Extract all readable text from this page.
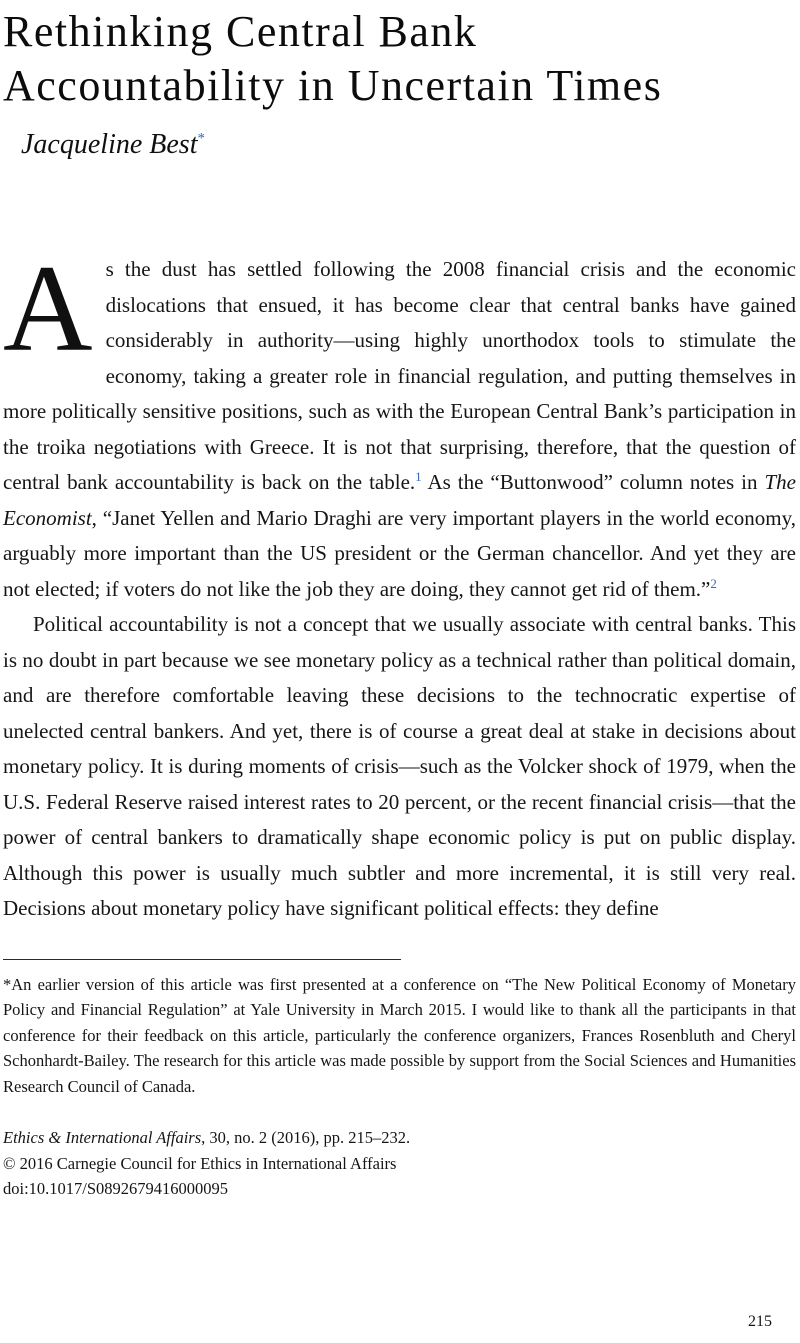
Rethinking Central Bank
Accountability in Uncertain Times
Jacqueline Best*

As the dust has settled following the 2008 financial crisis and the economic dislocations that ensued, it has become clear that central banks have gained considerably in authority—using highly unorthodox tools to stimulate the economy, taking a greater role in financial regulation, and putting themselves in more politically sensitive positions, such as with the European Central Bank’s participation in the troika negotiations with Greece. It is not that surprising, therefore, that the question of central bank accountability is back on the table.$^1$ As the “Buttonwood” column notes in The Economist, “Janet Yellen and Mario Draghi are very important players in the world economy, arguably more important than the US president or the German chancellor. And yet they are not elected; if voters do not like the job they are doing, they cannot get rid of them.”$^2$

Political accountability is not a concept that we usually associate with central banks. This is no doubt in part because we see monetary policy as a technical rather than political domain, and are therefore comfortable leaving these decisions to the technocratic expertise of unelected central bankers. And yet, there is of course a great deal at stake in decisions about monetary policy. It is during moments of crisis—such as the Volcker shock of 1979, when the U.S. Federal Reserve raised interest rates to 20 percent, or the recent financial crisis—that the power of central bankers to dramatically shape economic policy is put on public display. Although this power is usually much subtler and more incremental, it is still very real. Decisions about monetary policy have significant political effects: they define

*An earlier version of this article was first presented at a conference on “The New Political Economy of Monetary Policy and Financial Regulation” at Yale University in March 2015. I would like to thank all the participants in that conference for their feedback on this article, particularly the conference organizers, Frances Rosenbluth and Cheryl Schonhardt-Bailey. The research for this article was made possible by support from the Social Sciences and Humanities Research Council of Canada.

Ethics & International Affairs, 30, no. 2 (2016), pp. 215–232.

© 2016 Carnegie Council for Ethics in International Affairs

doi:10.1017/S0892679416000095

215
